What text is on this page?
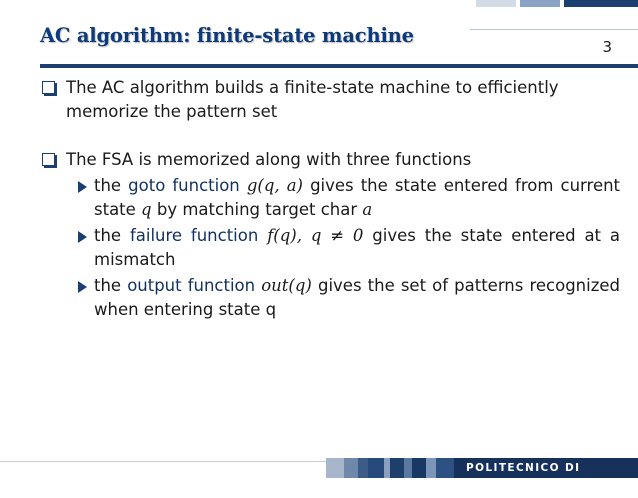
AC algorithm: finite-state machine	3
The AC algorithm builds a finite-state machine to efficiently memorize the pattern set
The FSA is memorized along with three functions
the goto function g(q, a) gives the state entered from current state q by matching target char a
the failure function f(q), q ≠ 0 gives the state entered at a mismatch
the output function out(q) gives the set of patterns recognized when entering state q
POLITECNICO DI MILANO
